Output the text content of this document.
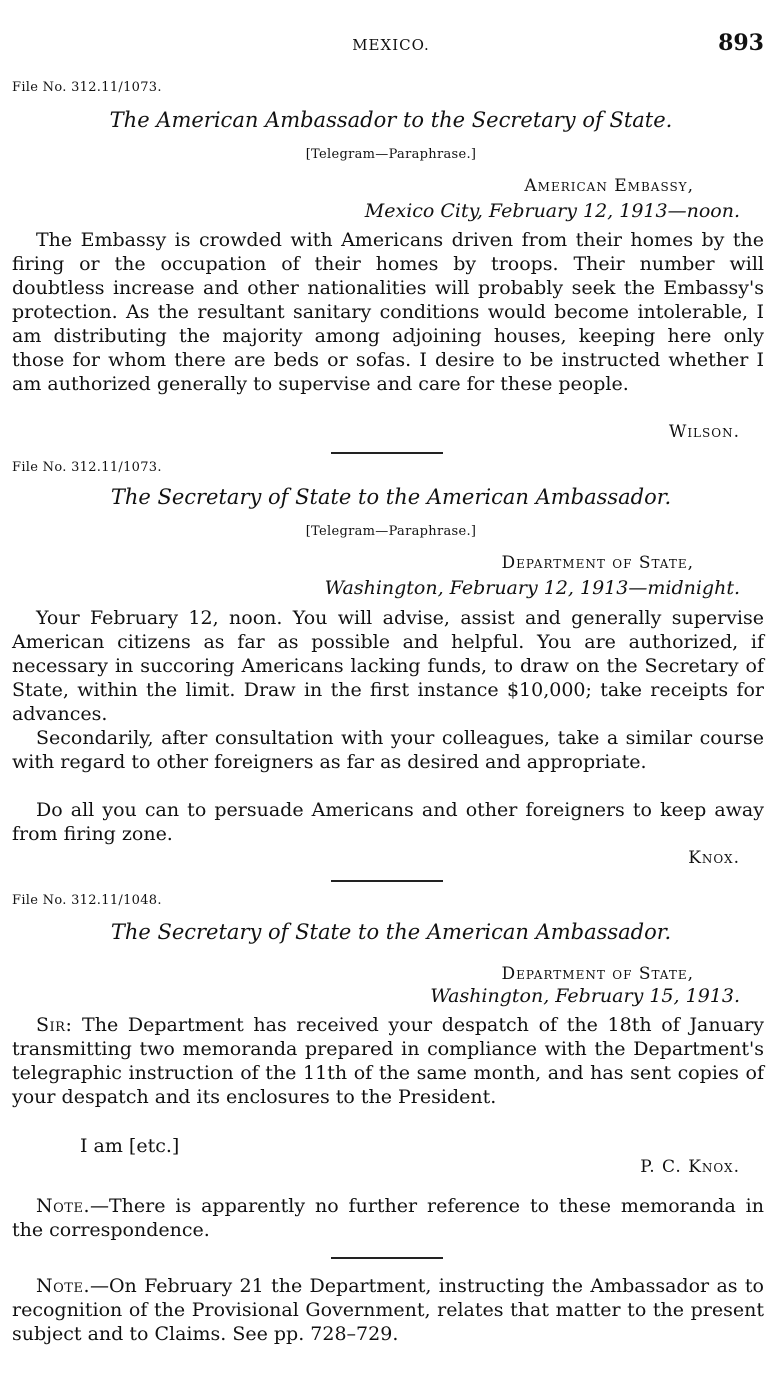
MEXICO.	893
File No. 312.11/1073.
The American Ambassador to the Secretary of State.
[Telegram—Paraphrase.]
American Embassy,
Mexico City, February 12, 1913—noon.

The Embassy is crowded with Americans driven from their homes by the firing or the occupation of their homes by troops. Their number will doubtless increase and other nationalities will probably seek the Embassy's protection. As the resultant sanitary conditions would become intolerable, I am distributing the majority among adjoining houses, keeping here only those for whom there are beds or sofas. I desire to be instructed whether I am authorized generally to supervise and care for these people.

Wilson.
File No. 312.11/1073.
The Secretary of State to the American Ambassador.
[Telegram—Paraphrase.]
Department of State,
Washington, February 12, 1913—midnight.

Your February 12, noon. You will advise, assist and generally supervise American citizens as far as possible and helpful. You are authorized, if necessary in succoring Americans lacking funds, to draw on the Secretary of State, within the limit. Draw in the first instance $10,000; take receipts for advances.

Secondarily, after consultation with your colleagues, take a similar course with regard to other foreigners as far as desired and appropriate.

Do all you can to persuade Americans and other foreigners to keep away from firing zone.

Knox.
File No. 312.11/1048.
The Secretary of State to the American Ambassador.
Department of State,
Washington, February 15, 1913.

Sir: The Department has received your despatch of the 18th of January transmitting two memoranda prepared in compliance with the Department's telegraphic instruction of the 11th of the same month, and has sent copies of your despatch and its enclosures to the President.

I am [etc.]
P. C. Knox.

Note.—There is apparently no further reference to these memoranda in the correspondence.

Note.—On February 21 the Department, instructing the Ambassador as to recognition of the Provisional Government, relates that matter to the present subject and to Claims. See pp. 728–729.
